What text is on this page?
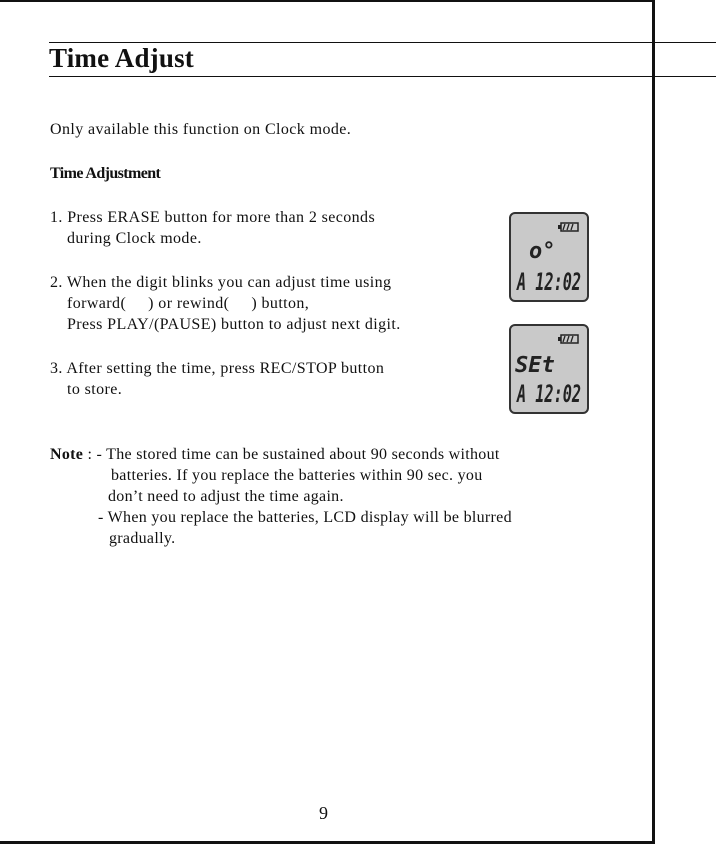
Time Adjust
Only available this function on Clock mode.
Time Adjustment
1. Press ERASE button for more than 2 seconds
during Clock mode.
2. When the digit blinks you can adjust time using
forward( ) or rewind( ) button,
Press PLAY/(PAUSE) button to adjust next digit.
3. After setting the time, press REC/STOP button
to store.
Note : - The stored time can be sustained about 90 seconds without
batteries. If you replace the batteries within 90 sec. you
don’t need to adjust the time again.
- When you replace the batteries, LCD display will be blurred
gradually.
o°
A 12:02
SEt
A 12:02
9
